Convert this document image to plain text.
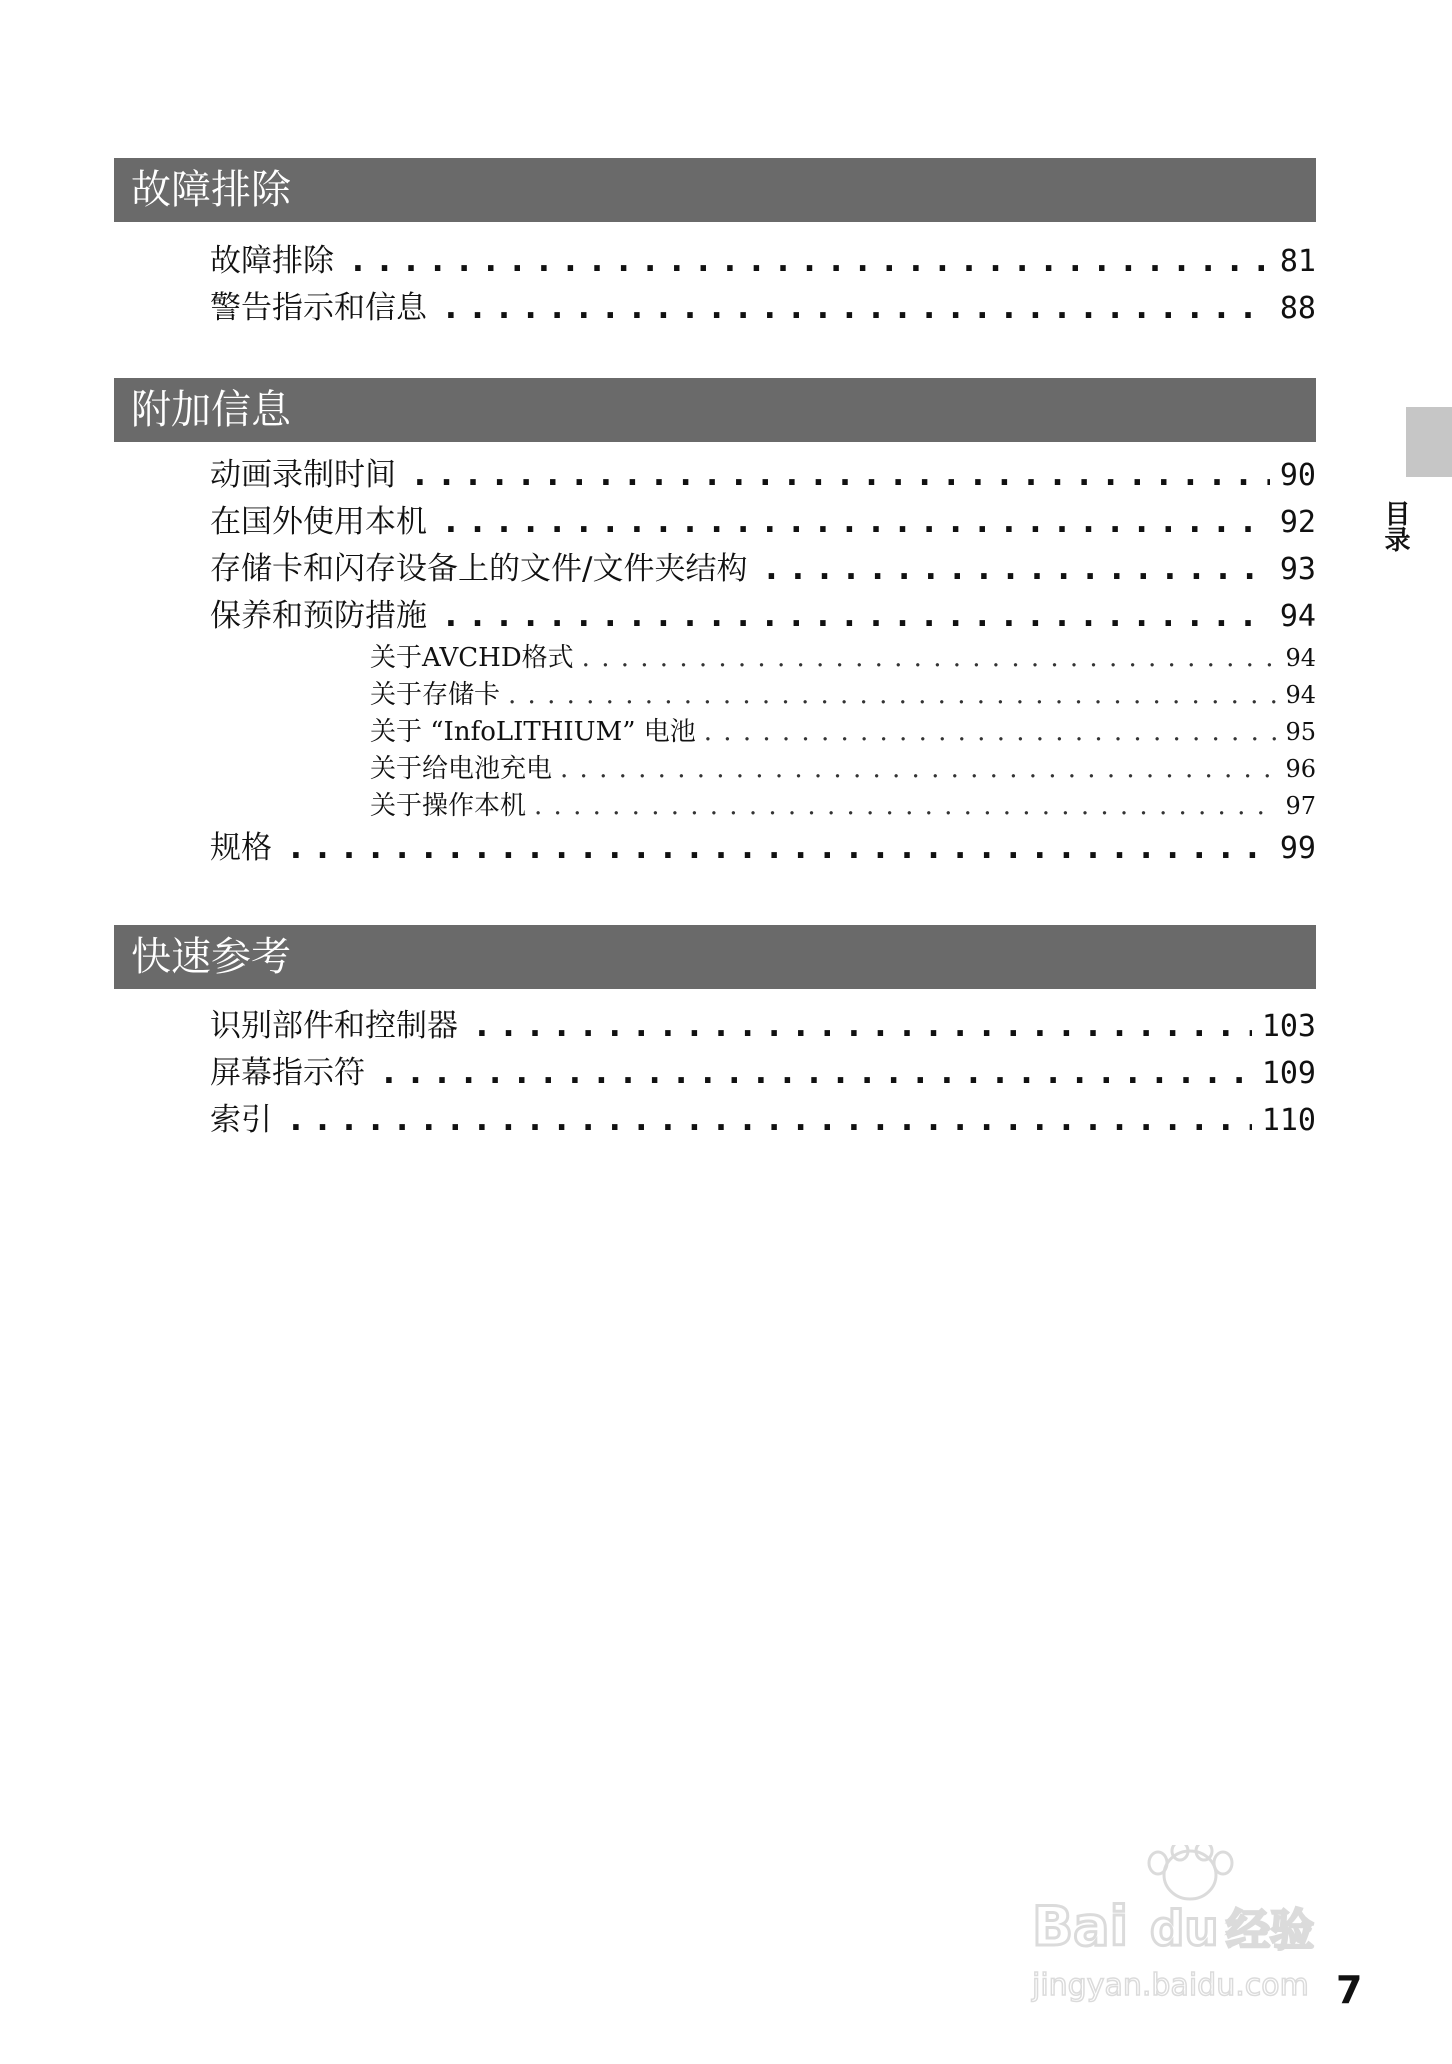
故障排除
故障排除 . . .	81
警告指示和信息 . . .	88
附加信息
动画录制时间 . . .	90
在国外使用本机 . . .	92
存储卡和闪存设备上的文件/文件夹结构 . . .	93
保养和预防措施 . . .	94
关于AVCHD格式 . . .	94
关于存储卡 . . .	94
关于 “InfoLITHIUM” 电池 . . .	95
关于给电池充电 . . .	96
关于操作本机 . . .	97
规格 . . .	99
快速参考
识别部件和控制器 . . .	103
屏幕指示符 . . .	109
索引 . . .	110
目录
Bai du 经验
jingyan.baidu.com 7
